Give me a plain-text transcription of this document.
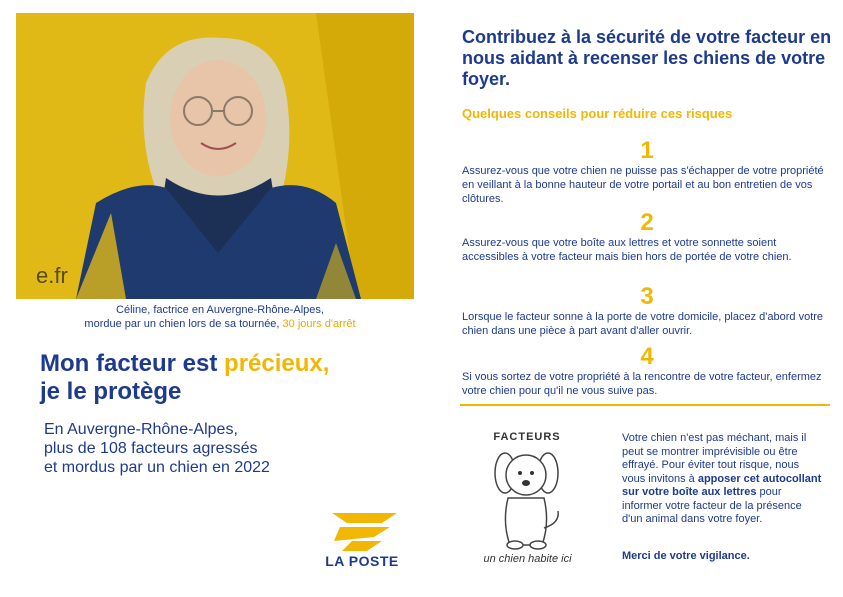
e.fr
Céline, factrice en Auvergne-Rhône-Alpes,
mordue par un chien lors de sa tournée, 30 jours d'arrêt
Mon facteur est précieux,
je le protège
En Auvergne-Rhône-Alpes,
plus de 108 facteurs agressés
et mordus par un chien en 2022
LA POSTE
Contribuez à la sécurité de votre facteur en nous aidant à recenser les chiens de votre foyer.
Quelques conseils pour réduire ces risques
1
Assurez-vous que votre chien ne puisse pas s'échapper de votre propriété en veillant à la bonne hauteur de votre portail et au bon entretien de vos clôtures.
2
Assurez-vous que votre boîte aux lettres et votre sonnette soient accessibles à votre facteur mais bien hors de portée de votre chien.
3
Lorsque le facteur sonne à la porte de votre domicile, placez d'abord votre chien dans une pièce à part avant d'aller ouvrir.
4
Si vous sortez de votre propriété à la rencontre de votre facteur, enfermez votre chien pour qu'il ne vous suive pas.
FACTEURS
un chien habite ici
Votre chien n'est pas méchant, mais il peut se montrer imprévisible ou être effrayé. Pour éviter tout risque, nous vous invitons à apposer cet autocollant sur votre boîte aux lettres pour informer votre facteur de la présence d'un animal dans votre foyer.
Merci de votre vigilance.
